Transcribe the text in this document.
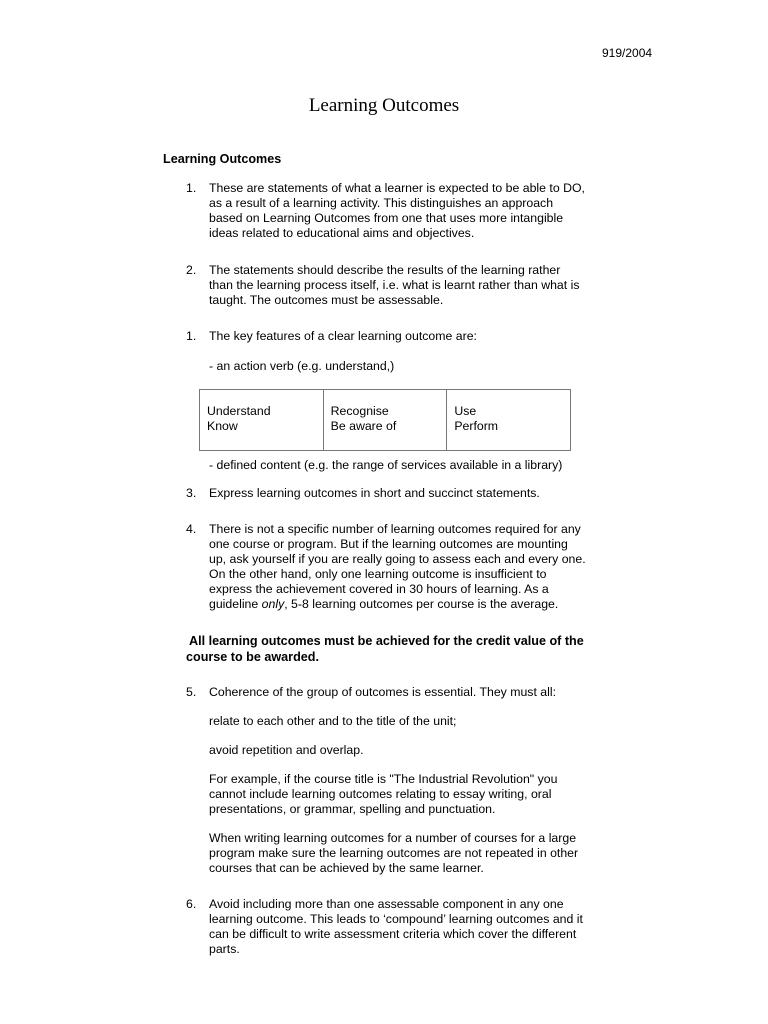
919/2004
Learning Outcomes
Learning Outcomes
1. These are statements of what a learner is expected to be able to DO,
as a result of a learning activity. This distinguishes an approach
based on Learning Outcomes from one that uses more intangible
ideas related to educational aims and objectives.
2. The statements should describe the results of the learning rather
than the learning process itself, i.e. what is learnt rather than what is
taught. The outcomes must be assessable.
1. The key features of a clear learning outcome are:
- an action verb (e.g. understand,)
Understand
Know

Recognise
Be aware of

Use
Perform
- defined content (e.g. the range of services available in a library)
3. Express learning outcomes in short and succinct statements.
4. There is not a specific number of learning outcomes required for any
one course or program. But if the learning outcomes are mounting
up, ask yourself if you are really going to assess each and every one.
On the other hand, only one learning outcome is insufficient to
express the achievement covered in 30 hours of learning. As a
guideline only, 5-8 learning outcomes per course is the average.
All learning outcomes must be achieved for the credit value of the
course to be awarded.
5. Coherence of the group of outcomes is essential. They must all:
relate to each other and to the title of the unit;
avoid repetition and overlap.
For example, if the course title is "The Industrial Revolution" you
cannot include learning outcomes relating to essay writing, oral
presentations, or grammar, spelling and punctuation.
When writing learning outcomes for a number of courses for a large
program make sure the learning outcomes are not repeated in other
courses that can be achieved by the same learner.
6. Avoid including more than one assessable component in any one
learning outcome. This leads to ‘compound’ learning outcomes and it
can be difficult to write assessment criteria which cover the different
parts.
